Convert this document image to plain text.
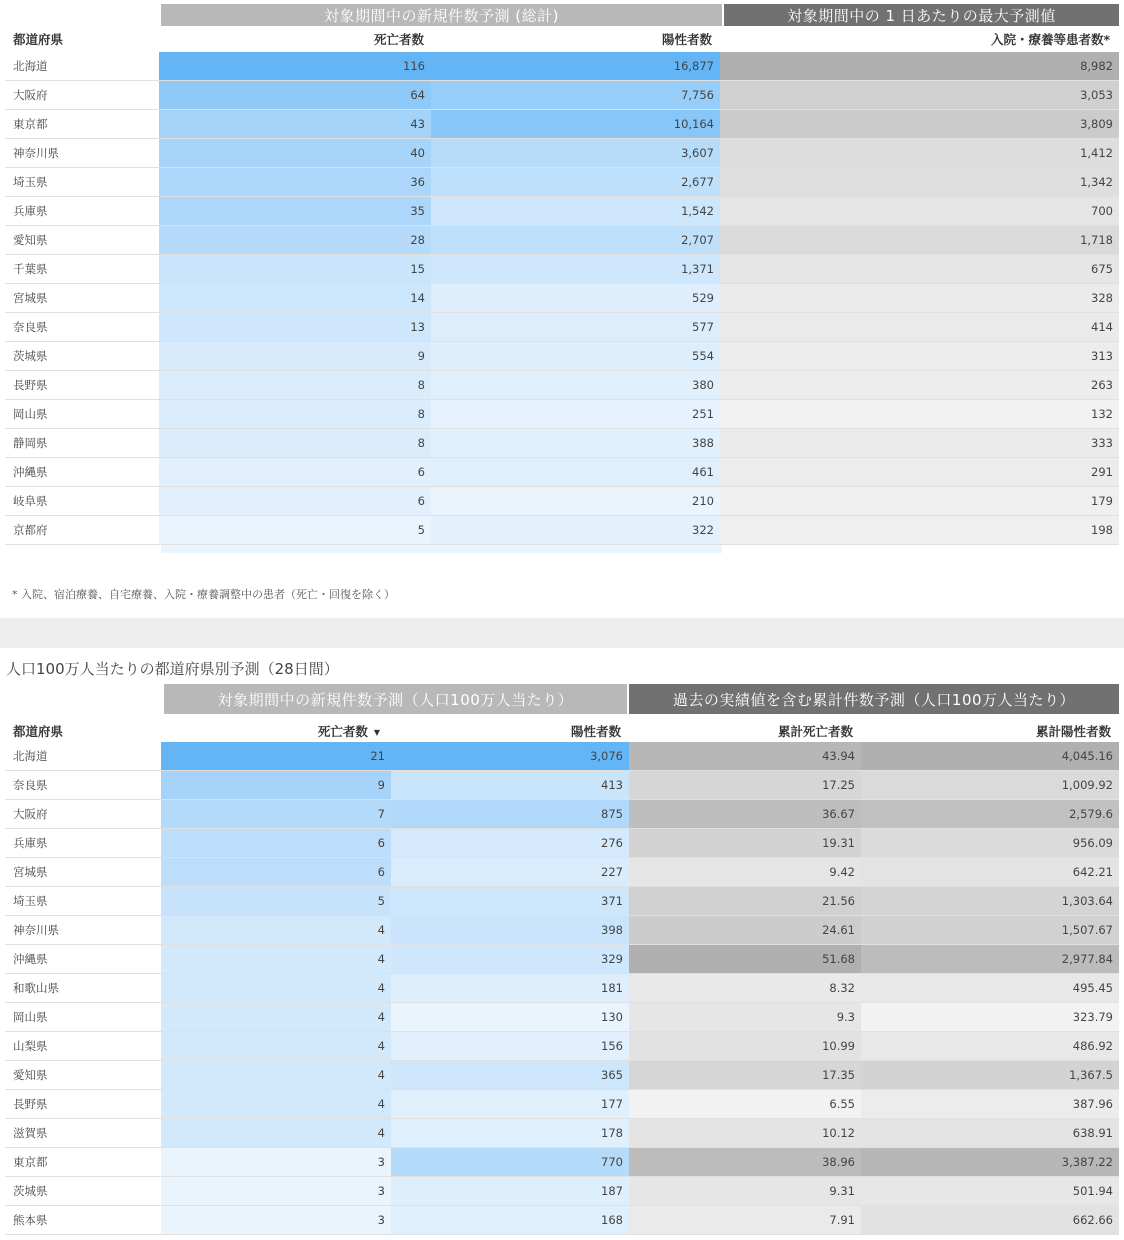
対象期間中の新規件数予測 (総計)	対象期間中の 1 日あたりの最大予測値
都道府県	死亡者数	陽性者数	入院・療養等患者数*
北海道	116	16,877	8,982
大阪府	64	7,756	3,053
東京都	43	10,164	3,809
神奈川県	40	3,607	1,412
埼玉県	36	2,677	1,342
兵庫県	35	1,542	700
愛知県	28	2,707	1,718
千葉県	15	1,371	675
宮城県	14	529	328
奈良県	13	577	414
茨城県	9	554	313
長野県	8	380	263
岡山県	8	251	132
静岡県	8	388	333
沖縄県	6	461	291
岐阜県	6	210	179
京都府	5	322	198
* 入院、宿泊療養、自宅療養、入院・療養調整中の患者（死亡・回復を除く）
人口100万人当たりの都道府県別予測（28日間）
対象期間中の新規件数予測（人口100万人当たり）	過去の実績値を含む累計件数予測（人口100万人当たり）
都道府県	死亡者数 ▼	陽性者数	累計死亡者数	累計陽性者数
北海道	21	3,076	43.94	4,045.16
奈良県	9	413	17.25	1,009.92
大阪府	7	875	36.67	2,579.6
兵庫県	6	276	19.31	956.09
宮城県	6	227	9.42	642.21
埼玉県	5	371	21.56	1,303.64
神奈川県	4	398	24.61	1,507.67
沖縄県	4	329	51.68	2,977.84
和歌山県	4	181	8.32	495.45
岡山県	4	130	9.3	323.79
山梨県	4	156	10.99	486.92
愛知県	4	365	17.35	1,367.5
長野県	4	177	6.55	387.96
滋賀県	4	178	10.12	638.91
東京都	3	770	38.96	3,387.22
茨城県	3	187	9.31	501.94
熊本県	3	168	7.91	662.66
